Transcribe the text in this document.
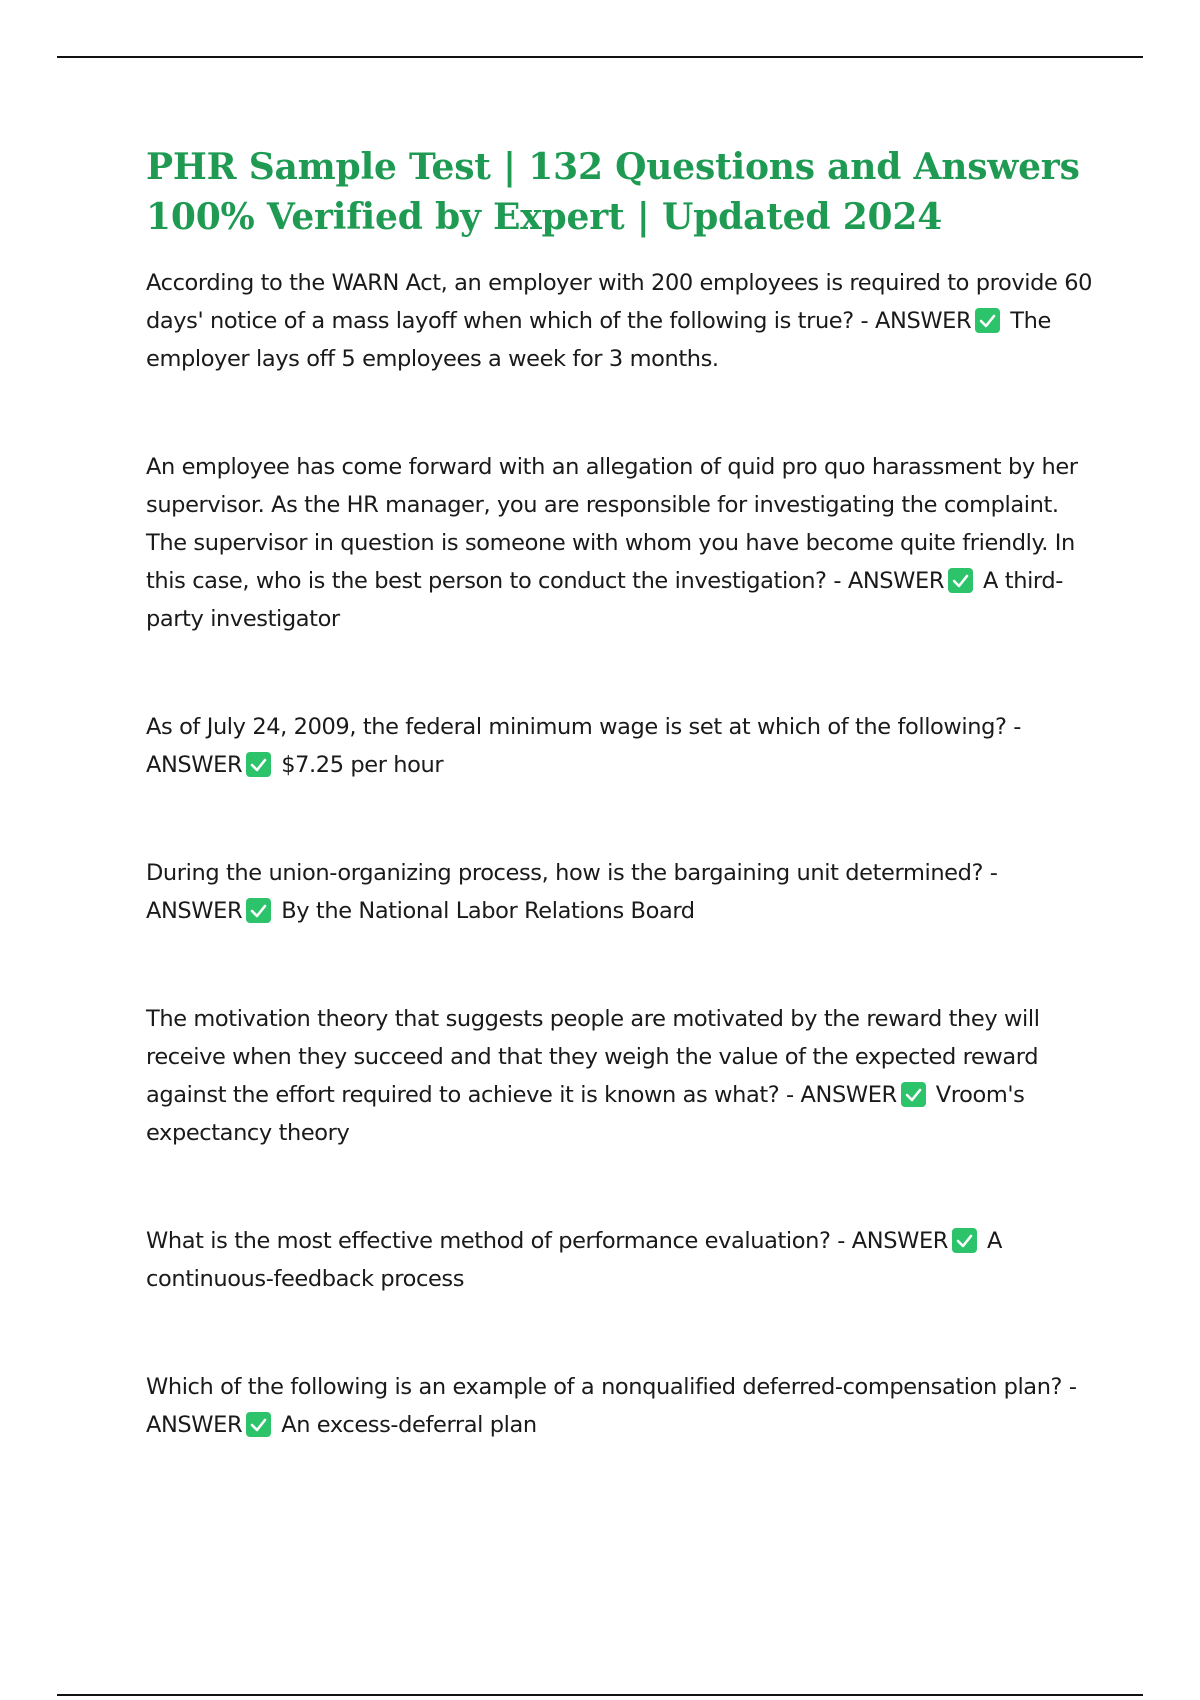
PHR Sample Test | 132 Questions and Answers 100% Verified by Expert | Updated 2024

According to the WARN Act, an employer with 200 employees is required to provide 60 days' notice of a mass layoff when which of the following is true? - ANSWER The employer lays off 5 employees a week for 3 months.

An employee has come forward with an allegation of quid pro quo harassment by her supervisor. As the HR manager, you are responsible for investigating the complaint. The supervisor in question is someone with whom you have become quite friendly. In this case, who is the best person to conduct the investigation? - ANSWER A third-party investigator

As of July 24, 2009, the federal minimum wage is set at which of the following? - ANSWER $7.25 per hour

During the union-organizing process, how is the bargaining unit determined? - ANSWER By the National Labor Relations Board

The motivation theory that suggests people are motivated by the reward they will receive when they succeed and that they weigh the value of the expected reward against the effort required to achieve it is known as what? - ANSWER Vroom's expectancy theory

What is the most effective method of performance evaluation? - ANSWER A continuous-feedback process

Which of the following is an example of a nonqualified deferred-compensation plan? - ANSWER An excess-deferral plan
